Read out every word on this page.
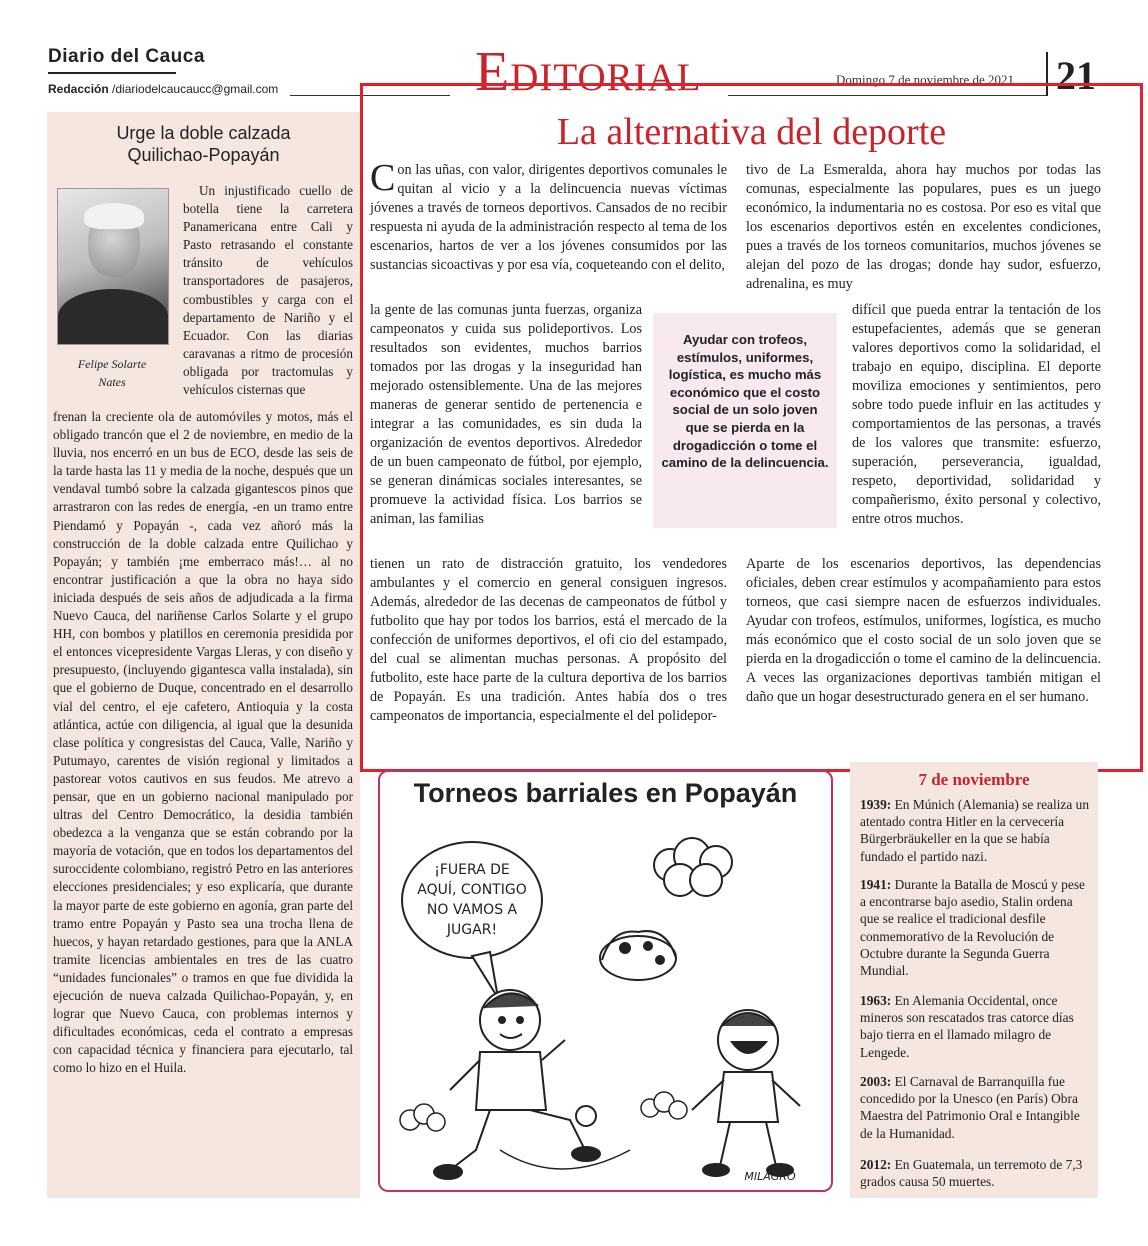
Diario del Cauca
Redacción /diariodelcaucaucc@gmail.com	Editorial	Domingo 7 de noviembre de 2021 21
Urge la doble calzada
Quilichao-Popayán
Felipe Solarte
Nates
Un injustificado cuello de botella tiene la carretera Panamericana entre Cali y Pasto retrasando el constante tránsito de vehículos transportadores de pasajeros, combustibles y carga con el departamento de Nariño y el Ecuador. Con las diarias caravanas a ritmo de procesión obligada por tractomulas y vehículos cisternas que
frenan la creciente ola de automóviles y motos, más el obligado trancón que el 2 de noviembre, en medio de la lluvia, nos encerró en un bus de ECO, desde las seis de la tarde hasta las 11 y media de la noche, después que un vendaval tumbó sobre la calzada gigantescos pinos que arrastraron con las redes de energía, -en un tramo entre Piendamó y Popayán -, cada vez añoró más la construcción de la doble calzada entre Quilichao y Popayán; y también ¡me emberraco más!… al no encontrar justificación a que la obra no haya sido iniciada después de seis años de adjudicada a la firma Nuevo Cauca, del nariñense Carlos Solarte y el grupo HH, con bombos y platillos en ceremonia presidida por el entonces vicepresidente Vargas Lleras, y con diseño y presupuesto, (incluyendo gigantesca valla instalada), sin que el gobierno de Duque, concentrado en el desarrollo vial del centro, el eje cafetero, Antioquia y la costa atlántica, actúe con diligencia, al igual que la desunida clase política y congresistas del Cauca, Valle, Nariño y Putumayo, carentes de visión regional y limitados a pastorear votos cautivos en sus feudos. Me atrevo a pensar, que en un gobierno nacional manipulado por ultras del Centro Democrático, la desidia también obedezca a la venganza que se están cobrando por la mayoría de votación, que en todos los departamentos del suroccidente colombiano, registró Petro en las anteriores elecciones presidenciales; y eso explicaría, que durante la mayor parte de este gobierno en agonía, gran parte del tramo entre Popayán y Pasto sea una trocha llena de huecos, y hayan retardado gestiones, para que la ANLA tramite licencias ambientales en tres de las cuatro “unidades funcionales” o tramos en que fue dividida la ejecución de nueva calzada Quilichao-Popayán, y, en lograr que Nuevo Cauca, con problemas internos y dificultades económicas, ceda el contrato a empresas con capacidad técnica y financiera para ejecutarlo, tal como lo hizo en el Huila.
La alternativa del deporte
Con las uñas, con valor, dirigentes deportivos comunales le quitan al vicio y a la delincuencia nuevas víctimas jóvenes a través de torneos deportivos. Cansados de no recibir respuesta ni ayuda de la administración respecto al tema de los escenarios, hartos de ver a los jóvenes consumidos por las sustancias sicoactivas y por esa vía, coqueteando con el delito,
la gente de las comunas junta fuerzas, organiza campeonatos y cuida sus polideportivos. Los resultados son evidentes, muchos barrios tomados por las drogas y la inseguridad han mejorado ostensiblemente. Una de las mejores maneras de generar sentido de pertenencia e integrar a las comunidades, es sin duda la organización de eventos deportivos. Alrededor de un buen campeonato de fútbol, por ejemplo, se generan dinámicas sociales interesantes, se promueve la actividad física. Los barrios se animan, las familias
tienen un rato de distracción gratuito, los vendedores ambulantes y el comercio en general consiguen ingresos. Además, alrededor de las decenas de campeonatos de fútbol y futbolito que hay por todos los barrios, está el mercado de la confección de uniformes deportivos, el ofi cio del estampado, del cual se alimentan muchas personas. A propósito del futbolito, este hace parte de la cultura deportiva de los barrios de Popayán. Es una tradición. Antes había dos o tres campeonatos de importancia, especialmente el del polidepor-
tivo de La Esmeralda, ahora hay muchos por todas las comunas, especialmente las populares, pues es un juego económico, la indumentaria no es costosa. Por eso es vital que los escenarios deportivos estén en excelentes condiciones, pues a través de los torneos comunitarios, muchos jóvenes se alejan del pozo de las drogas; donde hay sudor, esfuerzo, adrenalina, es muy
difícil que pueda entrar la tentación de los estupefacientes, además que se generan valores deportivos como la solidaridad, el trabajo en equipo, disciplina. El deporte moviliza emociones y sentimientos, pero sobre todo puede influir en las actitudes y comportamientos de las personas, a través de los valores que transmite: esfuerzo, superación, perseverancia, igualdad, respeto, deportividad, solidaridad y compañerismo, éxito personal y colectivo, entre otros muchos.
Aparte de los escenarios deportivos, las dependencias oficiales, deben crear estímulos y acompañamiento para estos torneos, que casi siempre nacen de esfuerzos individuales. Ayudar con trofeos, estímulos, uniformes, logística, es mucho más económico que el costo social de un solo joven que se pierda en la drogadicción o tome el camino de la delincuencia. A veces las organizaciones deportivas también mitigan el daño que un hogar desestructurado genera en el ser humano.
Ayudar con trofeos, estímulos, uniformes, logística, es mucho más económico que el costo social de un solo joven que se pierda en la drogadicción o tome el camino de la delincuencia.
Torneos barriales en Popayán
¡FUERA DE
AQUÍ, CONTIGO
NO VAMOS A
JUGAR!
MILAGRO
7 de noviembre
1939: En Múnich (Alemania) se realiza un atentado contra Hitler en la cervecería Bürgerbräukeller en la que se había fundado el partido nazi.
1941: Durante la Batalla de Moscú y pese a encontrarse bajo asedio, Stalin ordena que se realice el tradicional desfile conmemorativo de la Revolución de Octubre durante la Segunda Guerra Mundial.
1963: En Alemania Occidental, once mineros son rescatados tras catorce días bajo tierra en el llamado milagro de Lengede.
2003: El Carnaval de Barranquilla fue concedido por la Unesco (en París) Obra Maestra del Patrimonio Oral e Intangible de la Humanidad.
2012: En Guatemala, un terremoto de 7,3 grados causa 50 muertes.
